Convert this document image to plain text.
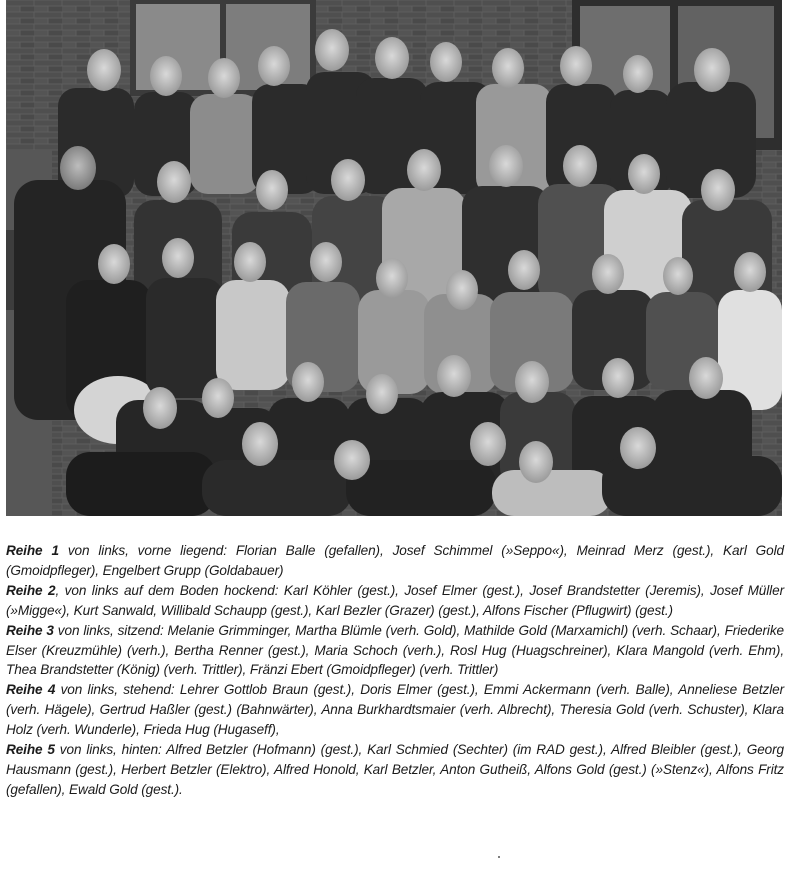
Reihe 1 von links, vorne liegend: Florian Balle (gefallen), Josef Schimmel (»Seppo«), Meinrad Merz (gest.), Karl Gold (Gmoidpfleger), Engelbert Grupp (Goldabauer)
Reihe 2, von links auf dem Boden hockend: Karl Köhler (gest.), Josef Elmer (gest.), Josef Brandstetter (Jeremis), Josef Müller (»Migge«), Kurt Sanwald, Willibald Schaupp (gest.), Karl Bezler (Grazer) (gest.), Alfons Fischer (Pflugwirt) (gest.)
Reihe 3 von links, sitzend: Melanie Grimminger, Martha Blümle (verh. Gold), Mathilde Gold (Marxamichl) (verh. Schaar), Friederike Elser (Kreuzmühle) (verh.), Bertha Renner (gest.), Maria Schoch (verh.), Rosl Hug (Huagschreiner), Klara Mangold (verh. Ehm), Thea Brandstetter (König) (verh. Trittler), Fränzi Ebert (Gmoidpfleger) (verh. Trittler)
Reihe 4 von links, stehend: Lehrer Gottlob Braun (gest.), Doris Elmer (gest.), Emmi Ackermann (verh. Balle), Anneliese Betzler (verh. Hägele), Gertrud Haßler (gest.) (Bahnwärter), Anna Burkhardtsmaier (verh. Albrecht), Theresia Gold (verh. Schuster), Klara Holz (verh. Wunderle), Frieda Hug (Hugaseff),
Reihe 5 von links, hinten: Alfred Betzler (Hofmann) (gest.), Karl Schmied (Sechter) (im RAD gest.), Alfred Bleibler (gest.), Georg Hausmann (gest.), Herbert Betzler (Elektro), Alfred Honold, Karl Betzler, Anton Gutheiß, Alfons Gold (gest.) (»Stenz«), Alfons Fritz (gefallen), Ewald Gold (gest.).
